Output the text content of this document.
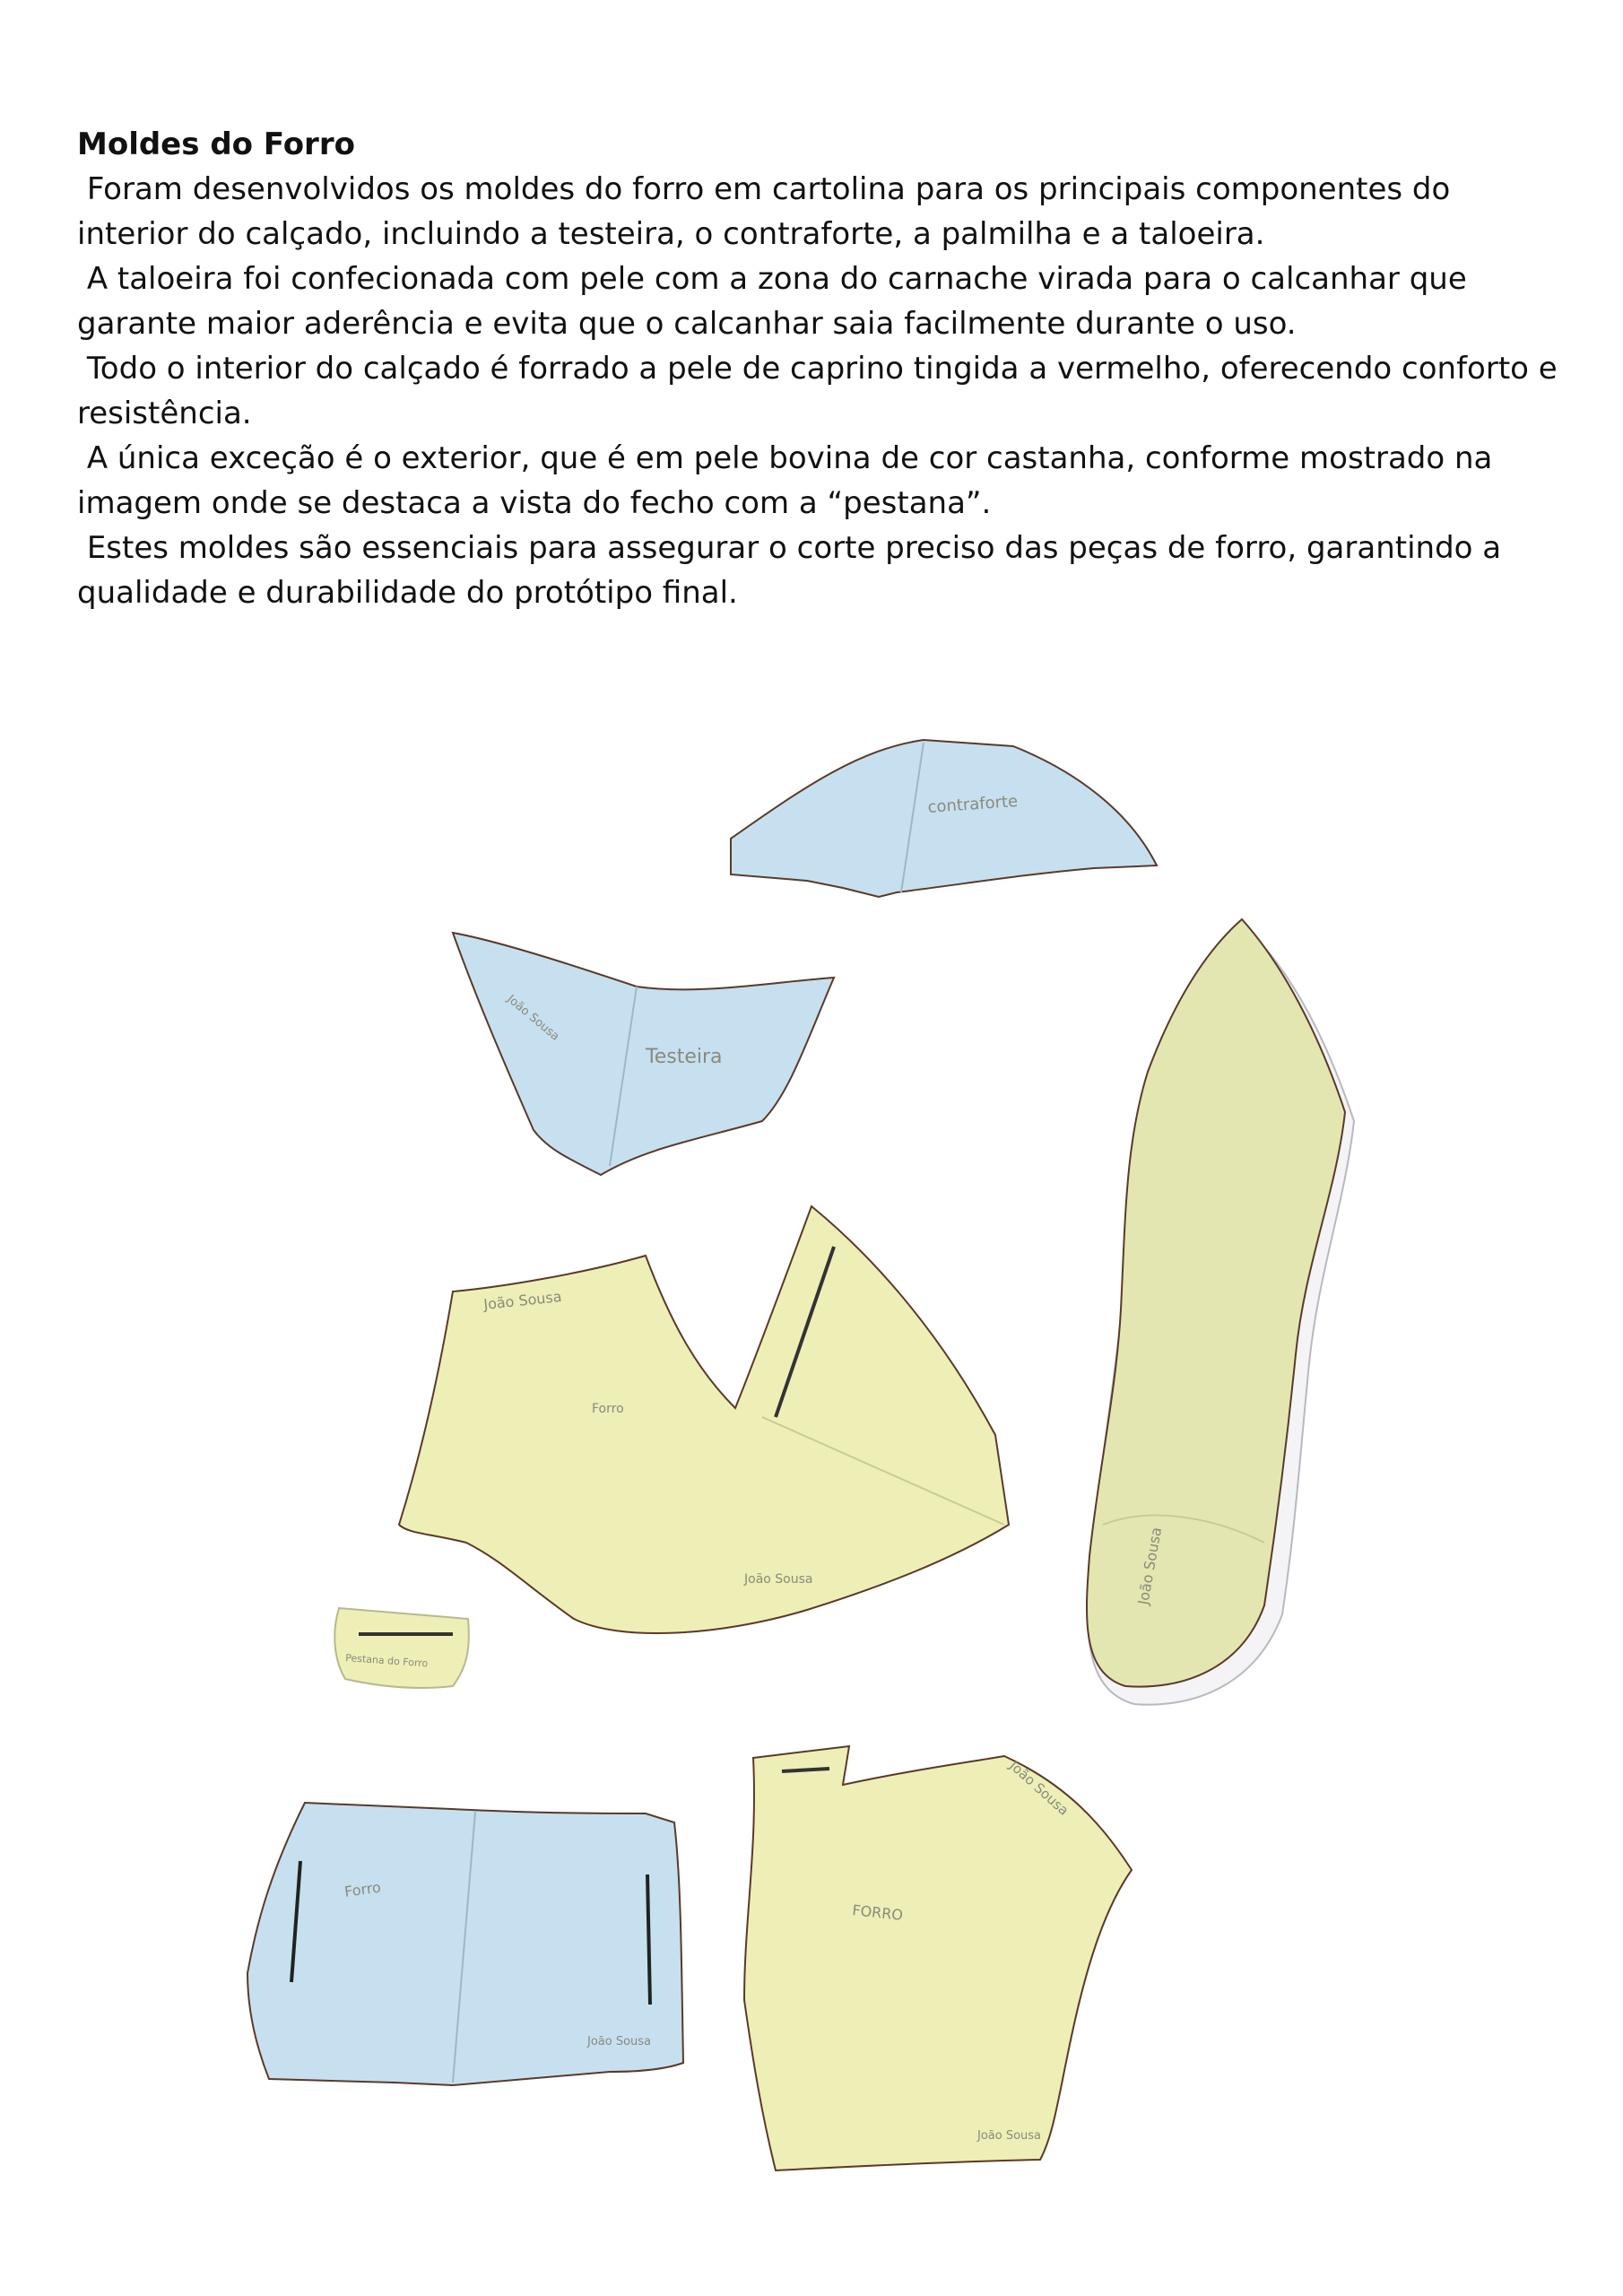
Moldes do Forro

Foram desenvolvidos os moldes do forro em cartolina para os principais componentes do interior do calçado, incluindo a testeira, o contraforte, a palmilha e a taloeira.

A taloeira foi confecionada com pele com a zona do carnache virada para o calcanhar que garante maior aderência e evita que o calcanhar saia facilmente durante o uso.

Todo o interior do calçado é forrado a pele de caprino tingida a vermelho, oferecendo conforto e resistência.

A única exceção é o exterior, que é em pele bovina de cor castanha, conforme mostrado na imagem onde se destaca a vista do fecho com a “pestana”.

Estes moldes são essenciais para assegurar o corte preciso das peças de forro, garantindo a qualidade e durabilidade do protótipo final.

contraforte
Testeira
João Sousa
João Sousa
João Sousa
Forro
João Sousa
Pestana do Forro
Forro
João Sousa
João Sousa
FORRO
João Sousa
